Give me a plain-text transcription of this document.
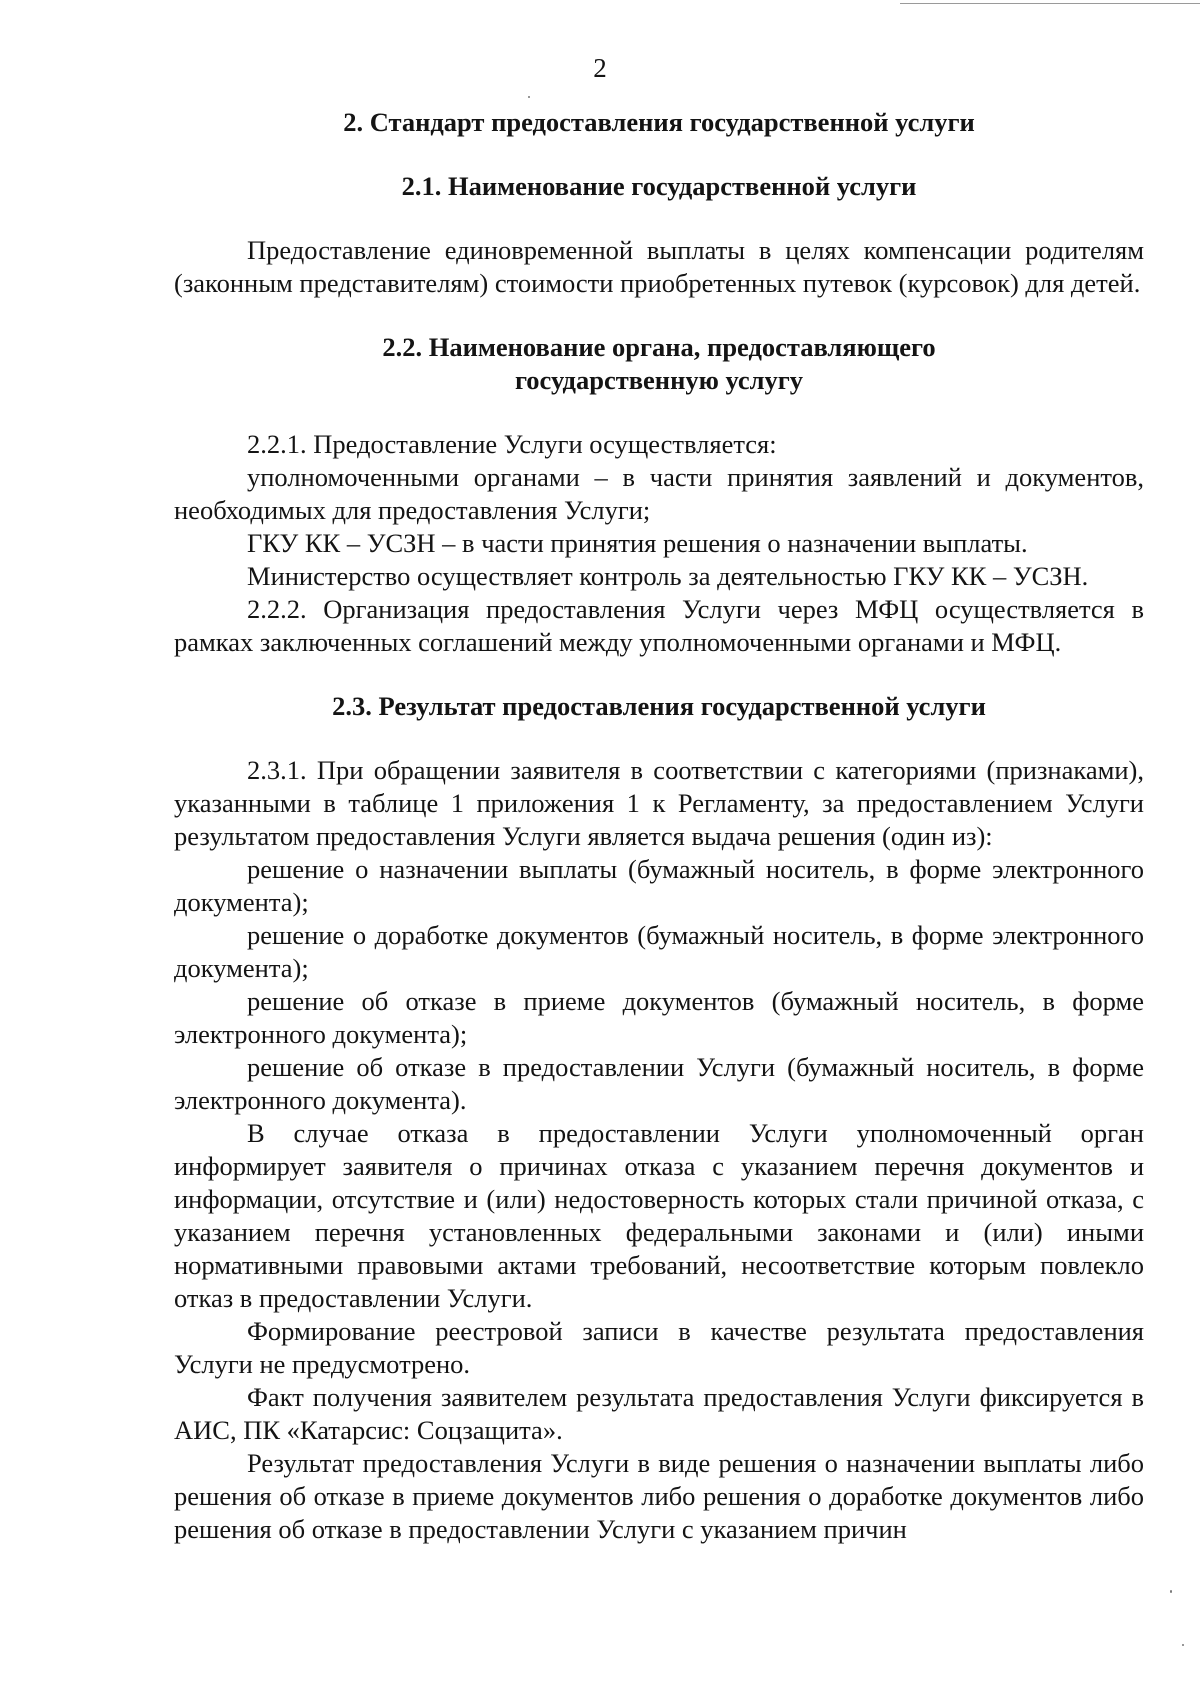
2
2. Стандарт предоставления государственной услуги
2.1. Наименование государственной услуги

Предоставление единовременной выплаты в целях компенсации родителям (законным представителям) стоимости приобретенных путевок (курсовок) для детей.

2.2. Наименование органа, предоставляющего
государственную услугу

2.2.1. Предоставление Услуги осуществляется:

уполномоченными органами – в части принятия заявлений и документов, необходимых для предоставления Услуги;

ГКУ КК – УСЗН – в части принятия решения о назначении выплаты.

Министерство осуществляет контроль за деятельностью ГКУ КК – УСЗН.

2.2.2. Организация предоставления Услуги через МФЦ осуществляется в рамках заключенных соглашений между уполномоченными органами и МФЦ.

2.3. Результат предоставления государственной услуги

2.3.1. При обращении заявителя в соответствии с категориями (признаками), указанными в таблице 1 приложения 1 к Регламенту, за предоставлением Услуги результатом предоставления Услуги является выдача решения (один из):

решение о назначении выплаты (бумажный носитель, в форме электронного документа);

решение о доработке документов (бумажный носитель, в форме электронного документа);

решение об отказе в приеме документов (бумажный носитель, в форме электронного документа);

решение об отказе в предоставлении Услуги (бумажный носитель, в форме электронного документа).

В случае отказа в предоставлении Услуги уполномоченный орган информирует заявителя о причинах отказа с указанием перечня документов и информации, отсутствие и (или) недостоверность которых стали причиной отказа, с указанием перечня установленных федеральными законами и (или) иными нормативными правовыми актами требований, несоответствие которым повлекло отказ в предоставлении Услуги.

Формирование реестровой записи в качестве результата предоставления Услуги не предусмотрено.

Факт получения заявителем результата предоставления Услуги фиксируется в АИС, ПК «Катарсис: Соцзащита».

Результат предоставления Услуги в виде решения о назначении выплаты либо решения об отказе в приеме документов либо решения о доработке документов либо решения об отказе в предоставлении Услуги с указанием причин
